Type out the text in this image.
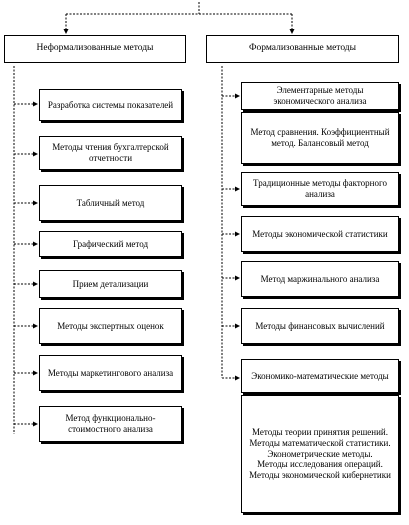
Неформализованные методы	Формализованные методы
Разработка системы показателей
Методы чтения бухгалтерской отчетности
Табличный метод
Графический метод
Прием детализации
Методы экспертных оценок
Методы маркетингового анализа
Метод функционально-стоимостного анализа
Элементарные методы экономического анализа
Метод сравнения. Коэффициентный метод. Балансовый метод
Традиционные методы факторного анализа
Методы экономической статистики
Метод маржинального анализа
Методы финансовых вычислений
Экономико-математические методы
Методы теории принятия решений.
Методы математической статистики.
Эконометрические методы.
Методы исследования операций.
Методы экономической кибернетики
